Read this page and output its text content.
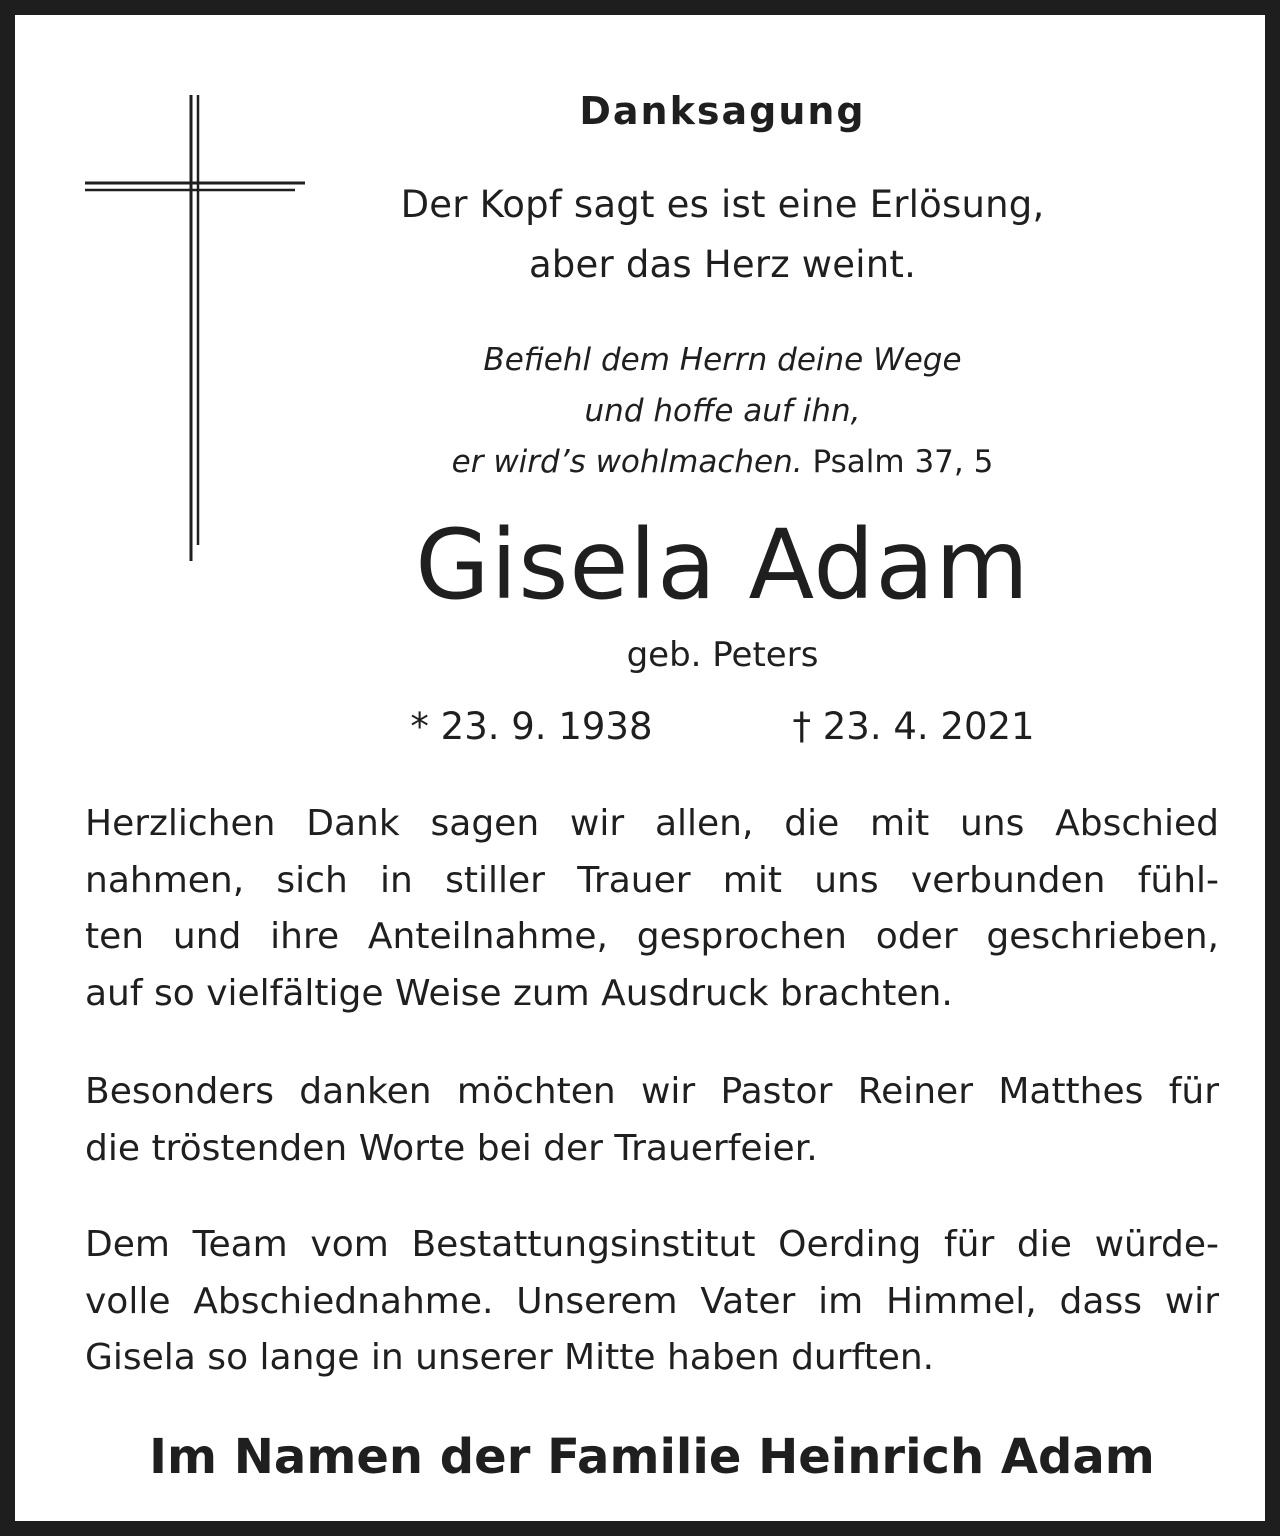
Danksagung
Der Kopf sagt es ist eine Erlösung,
aber das Herz weint.
Befiehl dem Herrn deine Wege
und hoffe auf ihn,
er wird’s wohlmachen. Psalm 37, 5
Gisela Adam
geb. Peters
* 23. 9. 1938	† 23. 4. 2021
Herzlichen Dank sagen wir allen, die mit uns Abschied
nahmen, sich in stiller Trauer mit uns verbunden fühl-
ten und ihre Anteilnahme, gesprochen oder geschrieben,
auf so vielfältige Weise zum Ausdruck brachten.
Besonders danken möchten wir Pastor Reiner Matthes für
die tröstenden Worte bei der Trauerfeier.
Dem Team vom Bestattungsinstitut Oerding für die würde-
volle Abschiednahme. Unserem Vater im Himmel, dass wir
Gisela so lange in unserer Mitte haben durften.
Im Namen der Familie Heinrich Adam
